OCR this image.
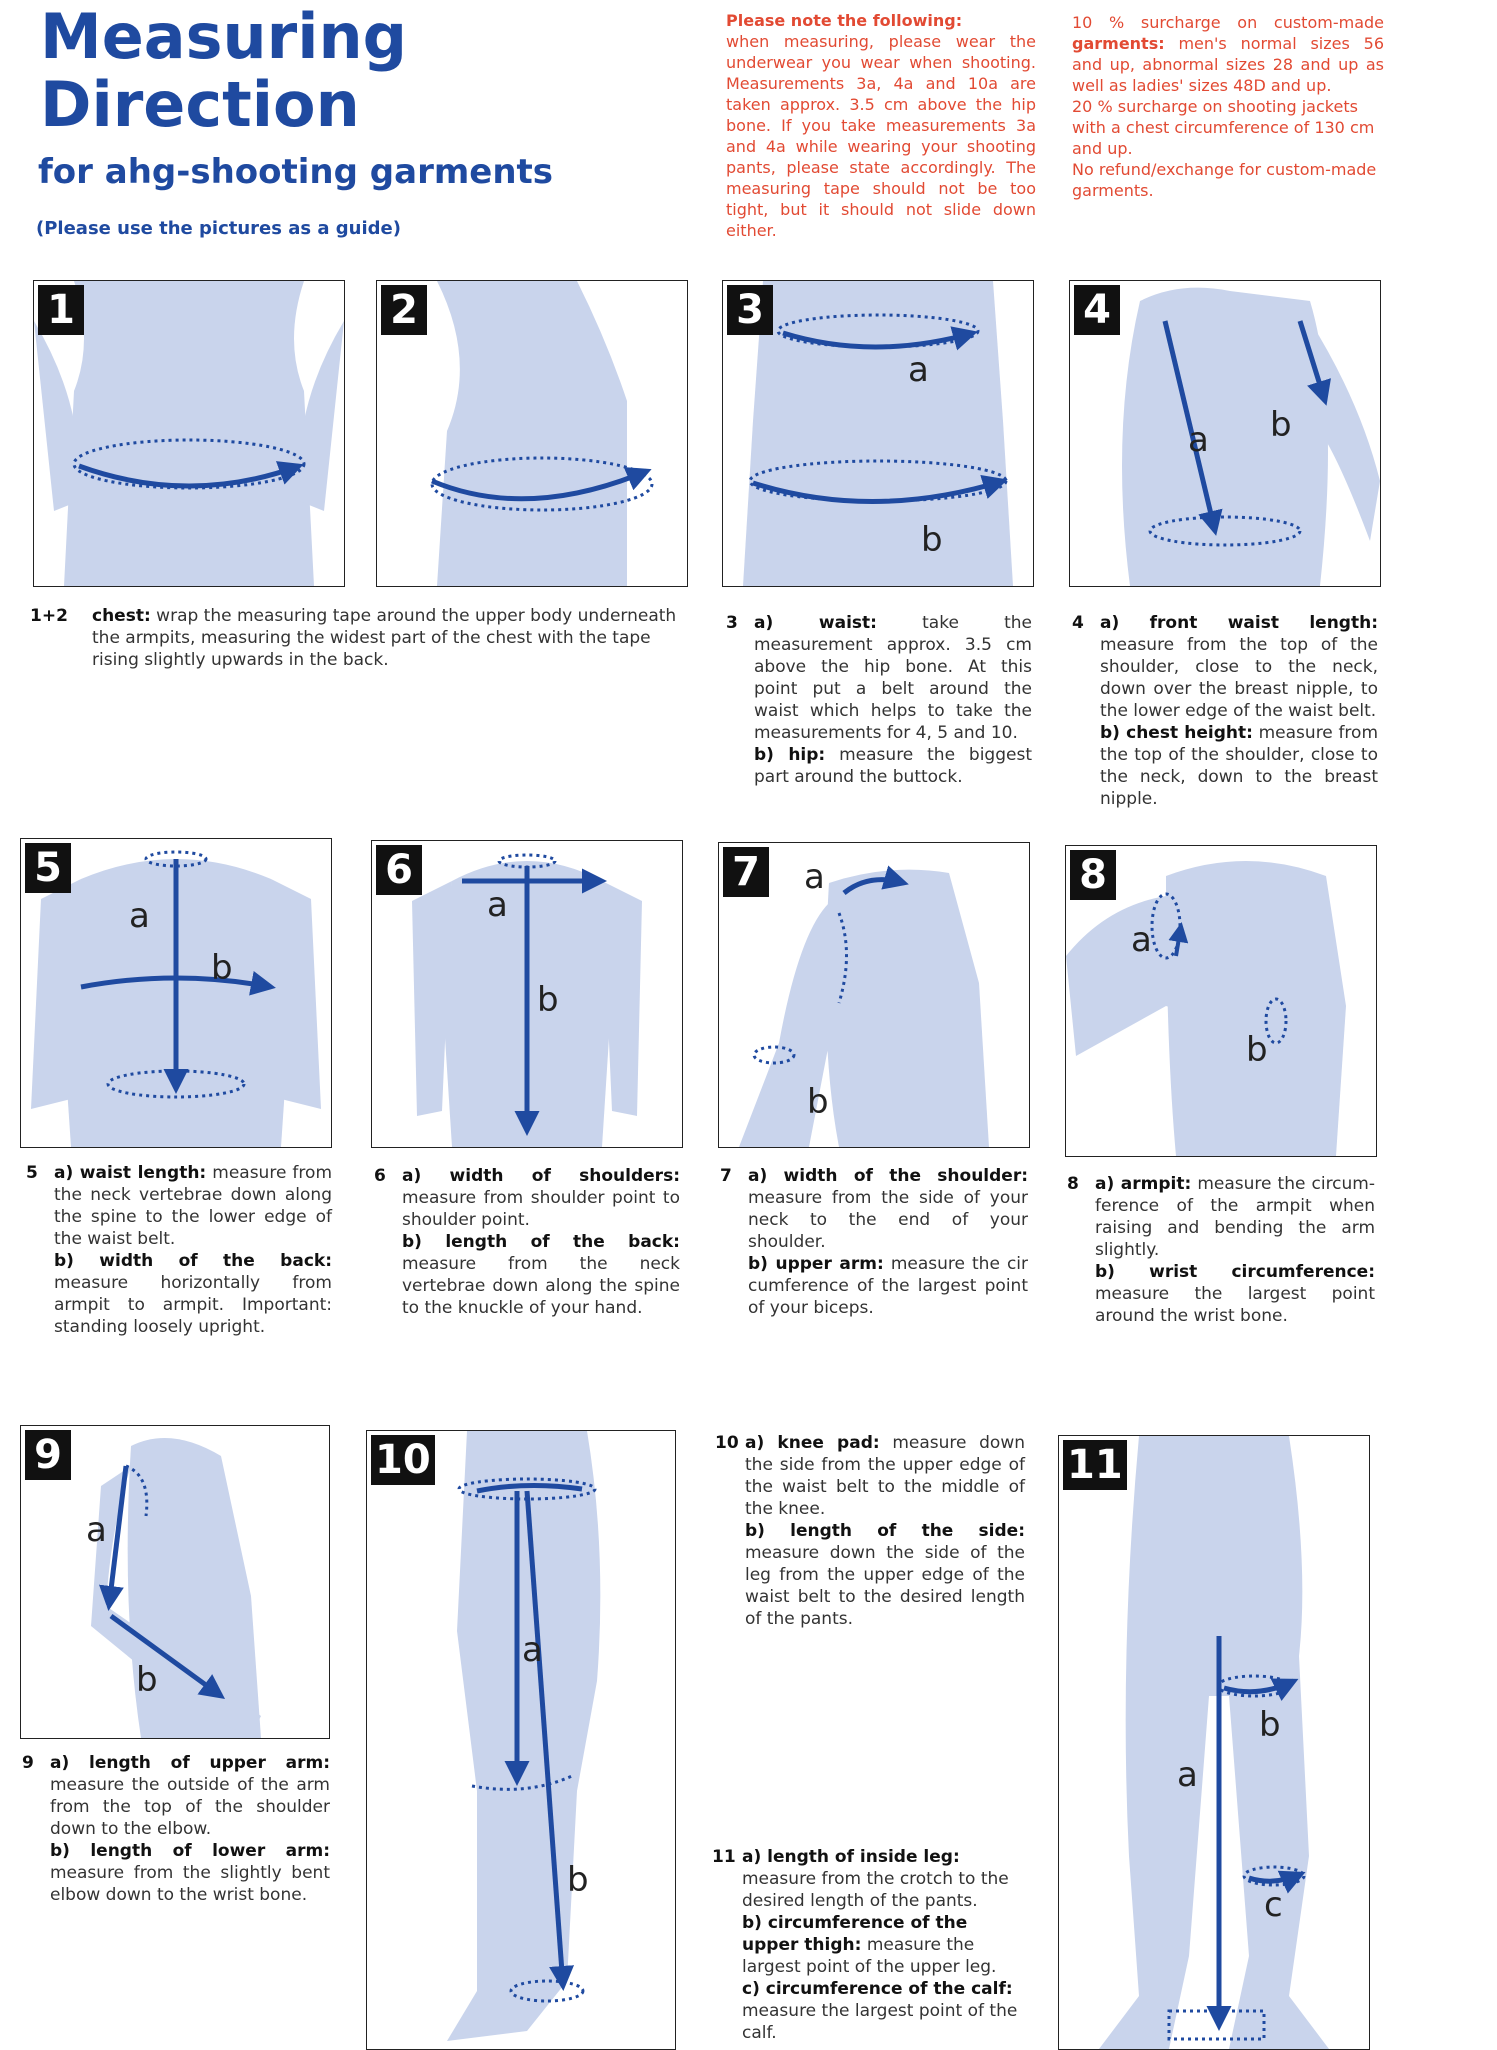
Measuring
Direction
for ahg-shooting garments
(Please use the pictures as a guide)
Please note the following:
when measuring, please wear the underwear you wear when shooting. Measurements 3a, 4a and 10a are taken approx. 3.5 cm above the hip bone. If you take measurements 3a and 4a while wearing your shooting pants, please state accordingly. The measuring tape should not be too tight, but it should not slide down either.
10 % surcharge on custom-made garments: men's normal sizes 56 and up, abnormal sizes 28 and up as well as ladies' sizes 48D and up.
20 % surcharge on shooting jackets with a chest circumference of 130 cm and up.
No refund/exchange for custom-made garments.
1	2
a
b
3
a b
4
1+2 chest: wrap the measuring tape around the upper body underneath the armpits, measuring the widest part of the chest with the tape rising slightly upwards in the back.
3 a) waist:	take the measurement approx. 3.5 cm above the hip bone. At this point put a belt around the waist which helps to take the measurements for 4, 5 and 10.
b) hip: measure the biggest part around the buttock.
4 a) front waist length: measure from the top of the shoulder, close to the neck, down over the breast nipple, to the lower edge of the waist belt.
b) chest height: measure from the top of the shoulder, close to the neck, down to the breast nipple.
a
b
5
a
b
6	a
b
7
a
b
8
5 a) waist length: measure from the neck vertebrae down along the spine to the lower edge of the waist belt.
b) width of the back: measure horizontally from armpit to armpit. Important: standing loosely upright.
6 a) width of shoulders: measure from shoulder point to shoulder point.
b) length of the back: measure from the neck vertebrae down along the spine to the knuckle of your hand.
7 a) width of the shoulder: measure from the side of your neck to the end of your shoulder.
b) upper arm: measure the cir cumference of the largest point of your biceps.
8 a) armpit: measure the circum-ference of the armpit when raising and bending the arm slightly.
b) wrist circumference: measure the largest point around the wrist bone.
a
b
9
a
b
10	10 a) knee pad: measure down the side from the upper edge of the waist belt to the middle of the knee.
b) length of the side: measure down the side of the leg from the upper edge of the waist belt to the desired length of the pants.
a
b
c
11
9 a) length of upper arm: measure the outside of the arm from the top of the shoulder down to the elbow.
b) length of lower arm: measure from the slightly bent elbow down to the wrist bone.
11 a) length of inside leg: measure from the crotch to the desired length of the pants.
b) circumference of the upper thigh: measure the largest point of the upper leg.
c) circumference of the calf: measure the largest point of the calf.
